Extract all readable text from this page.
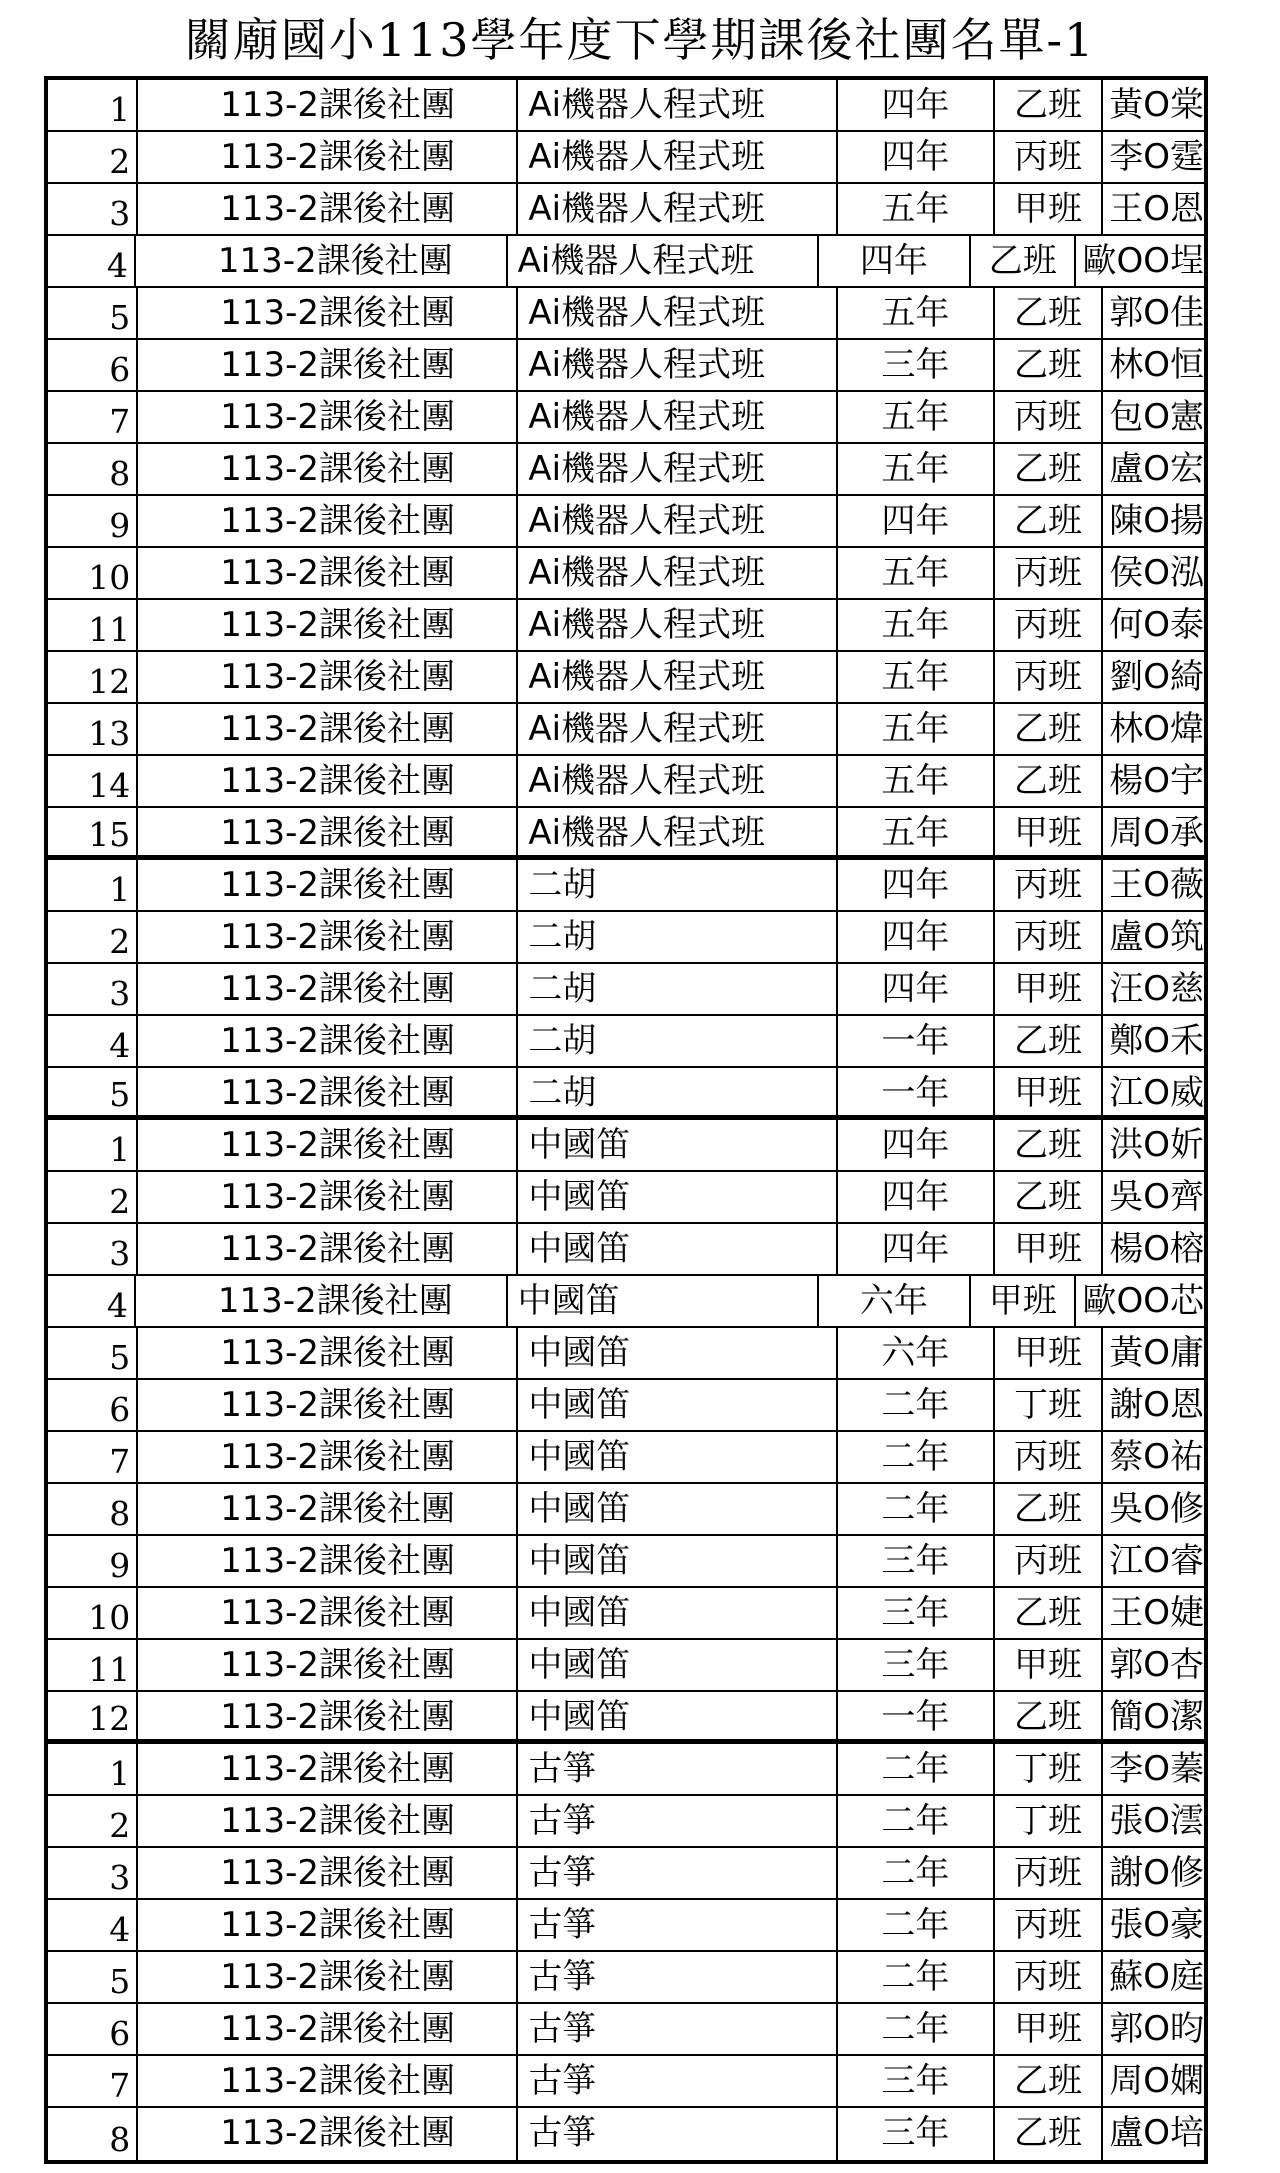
關廟國小113學年度下學期課後社團名單-1
1	113-2課後社團	Ai機器人程式班	四年	乙班 黃O棠
2	113-2課後社團	Ai機器人程式班	四年	丙班 李O霆
3	113-2課後社團	Ai機器人程式班	五年	甲班 王O恩
4	113-2課後社團	Ai機器人程式班	四年	乙班 歐OO埕
5	113-2課後社團	Ai機器人程式班	五年	乙班 郭O佳
6	113-2課後社團	Ai機器人程式班	三年	乙班 林O恒
7	113-2課後社團	Ai機器人程式班	五年	丙班 包O憲
8	113-2課後社團	Ai機器人程式班	五年	乙班 盧O宏
9	113-2課後社團	Ai機器人程式班	四年	乙班 陳O揚
10	113-2課後社團	Ai機器人程式班	五年	丙班 侯O泓
11	113-2課後社團	Ai機器人程式班	五年	丙班 何O泰
12	113-2課後社團	Ai機器人程式班	五年	丙班 劉O綺
13	113-2課後社團	Ai機器人程式班	五年	乙班 林O煒
14	113-2課後社團	Ai機器人程式班	五年	乙班 楊O宇
15	113-2課後社團	Ai機器人程式班	五年	甲班 周O承
1	113-2課後社團	二胡	四年	丙班 王O薇
2	113-2課後社團	二胡	四年	丙班 盧O筑
3	113-2課後社團	二胡	四年	甲班 汪O慈
4	113-2課後社團	二胡	一年	乙班 鄭O禾
5	113-2課後社團	二胡	一年	甲班 江O威
1	113-2課後社團	中國笛	四年	乙班 洪O妡
2	113-2課後社團	中國笛	四年	乙班 吳O齊
3	113-2課後社團	中國笛	四年	甲班 楊O榕
4	113-2課後社團	中國笛	六年	甲班 歐OO芯
5	113-2課後社團	中國笛	六年	甲班 黃O庸
6	113-2課後社團	中國笛	二年	丁班 謝O恩
7	113-2課後社團	中國笛	二年	丙班 蔡O祐
8	113-2課後社團	中國笛	二年	乙班 吳O修
9	113-2課後社團	中國笛	三年	丙班 江O睿
10	113-2課後社團	中國笛	三年	乙班 王O婕
11	113-2課後社團	中國笛	三年	甲班 郭O杏
12	113-2課後社團	中國笛	一年	乙班 簡O潔
1	113-2課後社團	古箏	二年	丁班 李O蓁
2	113-2課後社團	古箏	二年	丁班 張O澐
3	113-2課後社團	古箏	二年	丙班 謝O修
4	113-2課後社團	古箏	二年	丙班 張O豪
5	113-2課後社團	古箏	二年	丙班 蘇O庭
6	113-2課後社團	古箏	二年	甲班 郭O昀
7	113-2課後社團	古箏	三年	乙班 周O嫻
8	113-2課後社團	古箏	三年	乙班 盧O培
